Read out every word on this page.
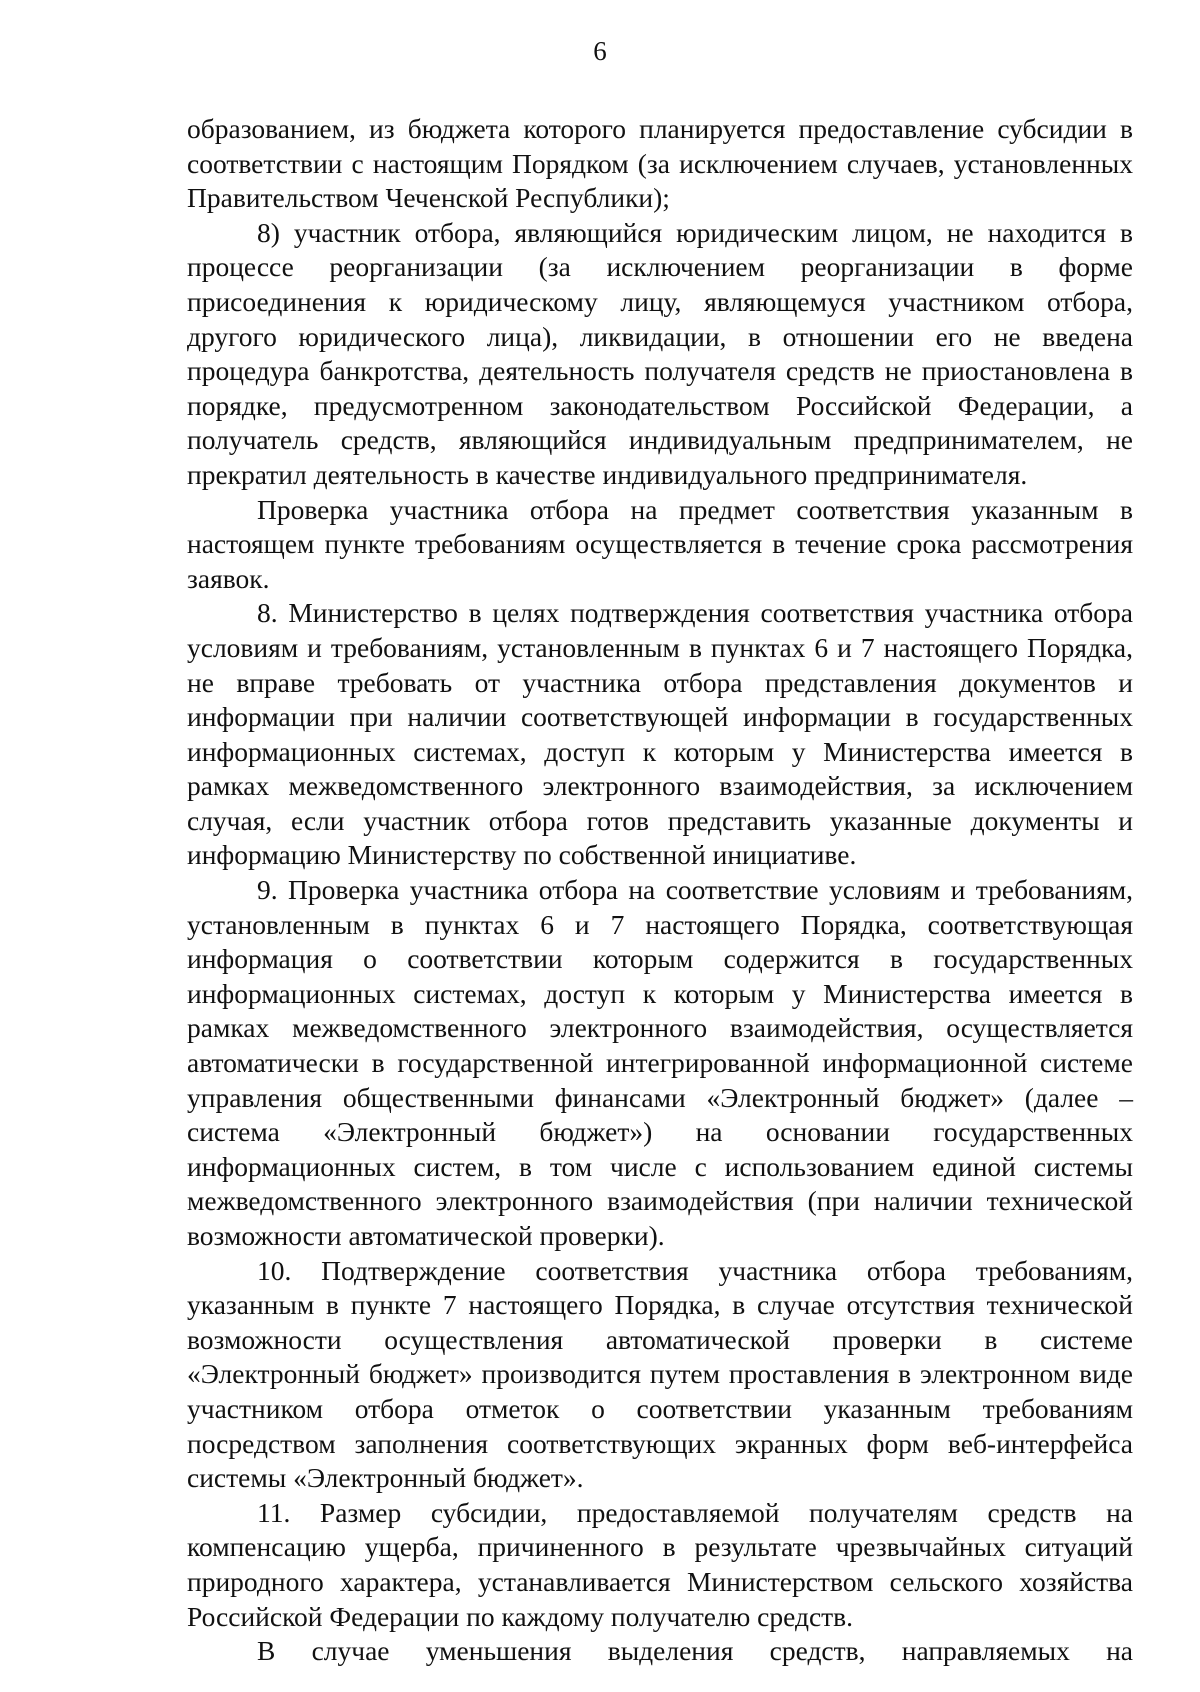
6

образованием, из бюджета которого планируется предоставление субсидии в соответствии с настоящим Порядком (за исключением случаев, установленных Правительством Чеченской Республики);

8) участник отбора, являющийся юридическим лицом, не находится в процессе реорганизации (за исключением реорганизации в форме присоединения к юридическому лицу, являющемуся участником отбора, другого юридического лица), ликвидации, в отношении его не введена процедура банкротства, деятельность получателя средств не приостановлена в порядке, предусмотренном законодательством Российской Федерации, а получатель средств, являющийся индивидуальным предпринимателем, не прекратил деятельность в качестве индивидуального предпринимателя.

Проверка участника отбора на предмет соответствия указанным в настоящем пункте требованиям осуществляется в течение срока рассмотрения заявок.

8. Министерство в целях подтверждения соответствия участника отбора условиям и требованиям, установленным в пунктах 6 и 7 настоящего Порядка, не вправе требовать от участника отбора представления документов и информации при наличии соответствующей информации в государственных информационных системах, доступ к которым у Министерства имеется в рамках межведомственного электронного взаимодействия, за исключением случая, если участник отбора готов представить указанные документы и информацию Министерству по собственной инициативе.

9. Проверка участника отбора на соответствие условиям и требованиям, установленным в пунктах 6 и 7 настоящего Порядка, соответствующая информация о соответствии которым содержится в государственных информационных системах, доступ к которым у Министерства имеется в рамках межведомственного электронного взаимодействия, осуществляется автоматически в государственной интегрированной информационной системе управления общественными финансами «Электронный бюджет» (далее – система «Электронный бюджет») на основании государственных информационных систем, в том числе с использованием единой системы межведомственного электронного взаимодействия (при наличии технической возможности автоматической проверки).

10. Подтверждение соответствия участника отбора требованиям, указанным в пункте 7 настоящего Порядка, в случае отсутствия технической возможности осуществления автоматической проверки в системе «Электронный бюджет» производится путем проставления в электронном виде участником отбора отметок о соответствии указанным требованиям посредством заполнения соответствующих экранных форм веб-интерфейса системы «Электронный бюджет».

11. Размер субсидии, предоставляемой получателям средств на компенсацию ущерба, причиненного в результате чрезвычайных ситуаций природного характера, устанавливается Министерством сельского хозяйства Российской Федерации по каждому получателю средств.

В случае уменьшения выделения средств, направляемых на
